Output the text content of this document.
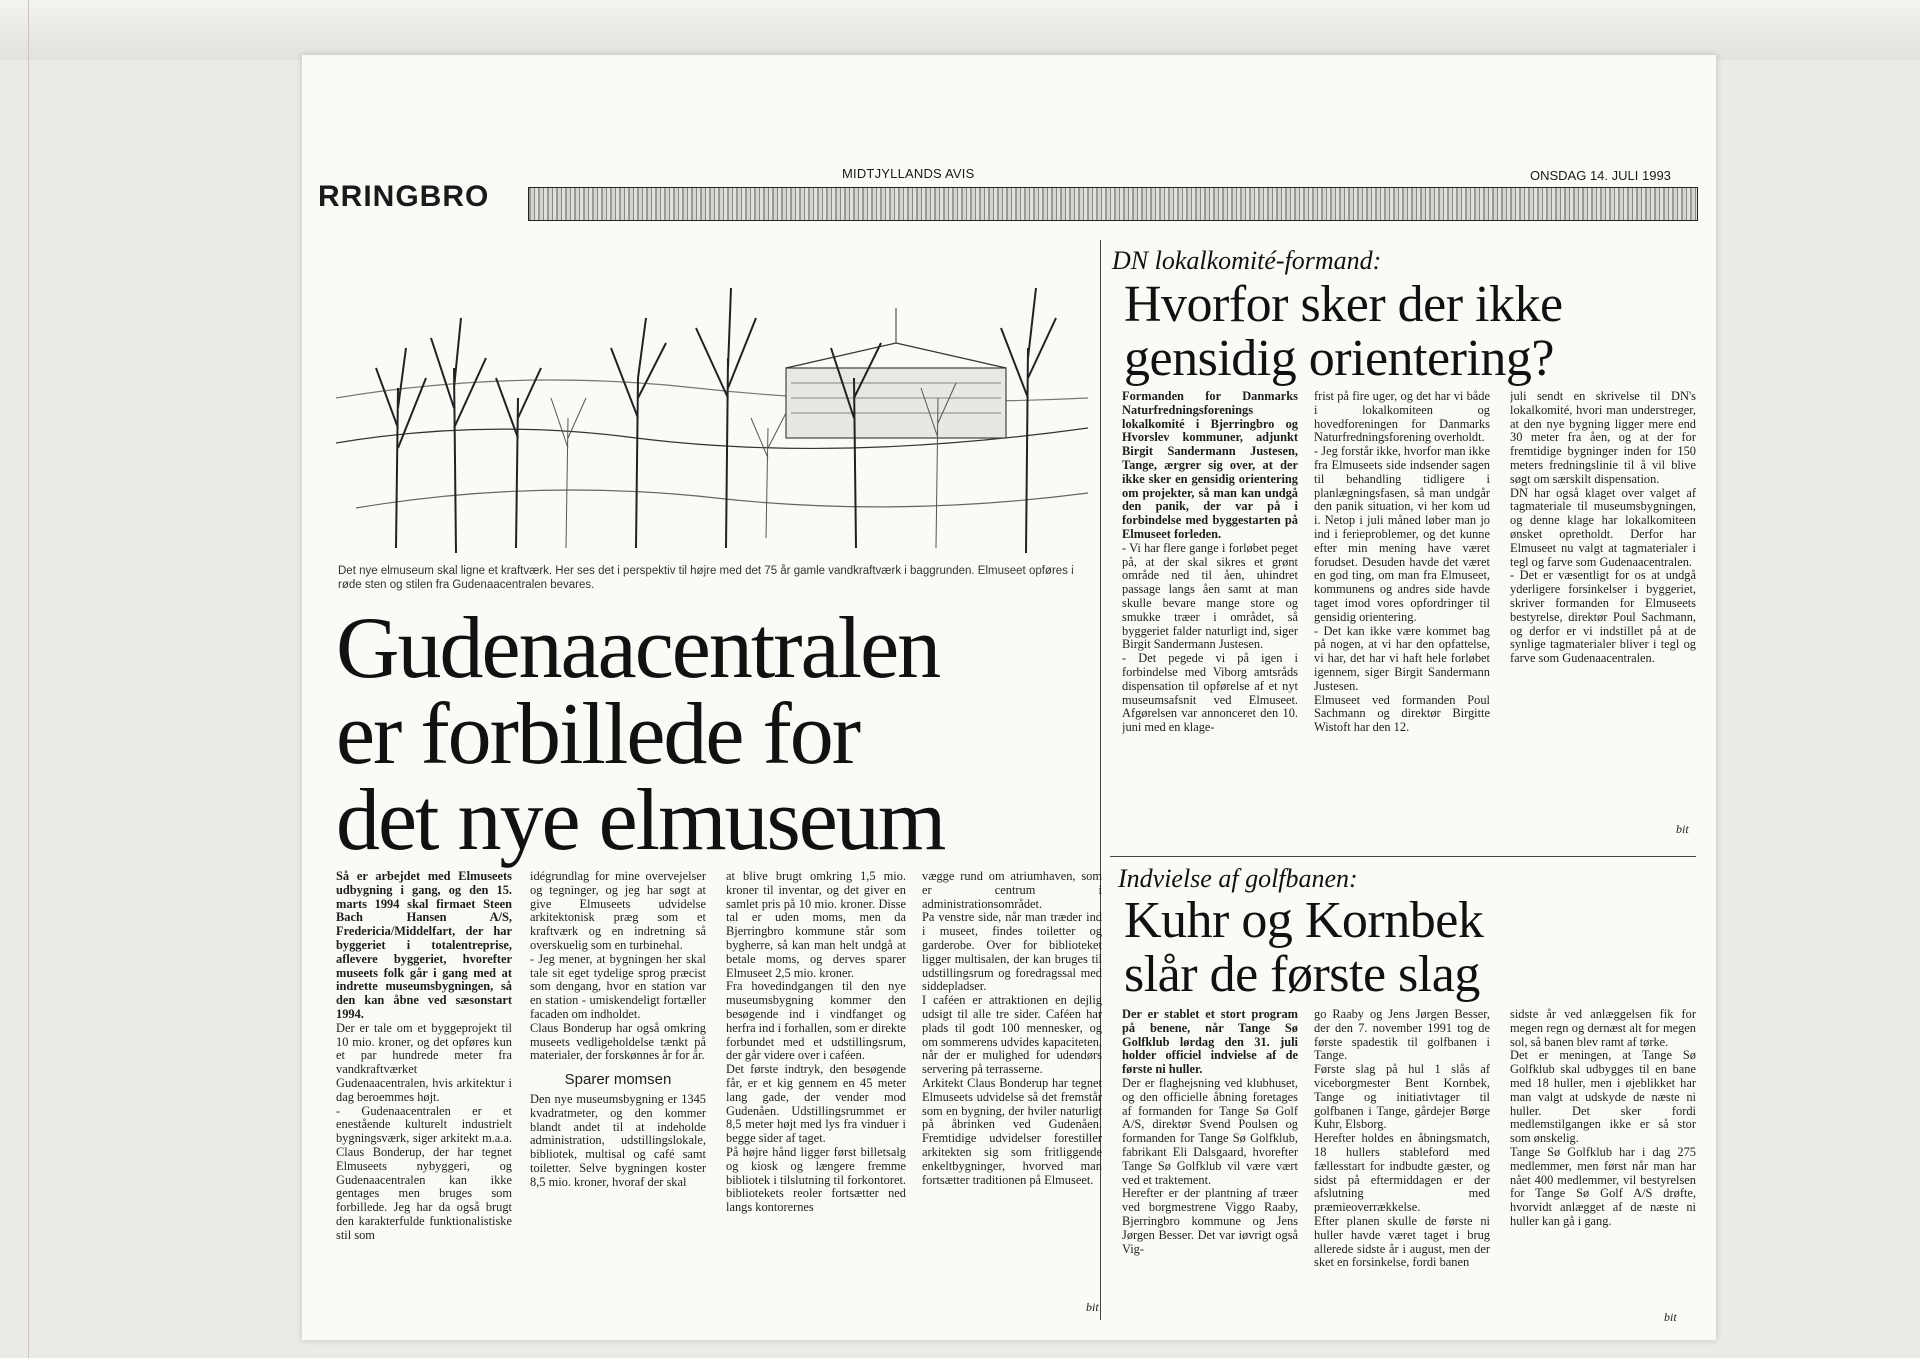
MIDTJYLLANDS AVIS	ONSDAG 14. JULI 1993
RRINGBRO
Det nye elmuseum skal ligne et kraftværk. Her ses det i perspektiv til højre med det 75 år gamle vandkraftværk i baggrunden. Elmuseet opføres i røde sten og stilen fra Gudenaacentralen bevares.
Gudenaacentralen
er forbillede for
det nye elmuseum

Så er arbejdet med Elmuseets udbygning i gang, og den 15. marts 1994 skal firmaet Steen Bach Hansen A/S, Fredericia/Middelfart, der har byggeriet i totalentreprise, aflevere byggeriet, hvorefter museets folk går i gang med at indrette museumsbygningen, så den kan åbne ved sæsonstart 1994.

Der er tale om et byggeprojekt til 10 mio. kroner, og det opføres kun et par hundrede meter fra vandkraftværket Gudenaacentralen, hvis arkitektur i dag beroemmes højt.

- Gudenaacentralen er et enestående kulturelt industrielt bygningsværk, siger arkitekt m.a.a. Claus Bonderup, der har tegnet Elmuseets nybyggeri, og Gudenaacentralen kan ikke gentages men bruges som forbillede. Jeg har da også brugt den karakterfulde funktionalistiske stil som

idégrundlag for mine overvejelser og tegninger, og jeg har søgt at give Elmuseets udvidelse arkitektonisk præg som et kraftværk og en indretning så overskuelig som en turbinehal.

- Jeg mener, at bygningen her skal tale sit eget tydelige sprog præcist som dengang, hvor en station var en station - umiskendeligt fortæller facaden om indholdet.

Claus Bonderup har også omkring museets vedligeholdelse tænkt på materialer, der forskønnes år for år.

Sparer momsen

Den nye museumsbygning er 1345 kvadratmeter, og den kommer blandt andet til at indeholde administration, udstillingslokale, bibliotek, multisal og café samt toiletter. Selve bygningen koster 8,5 mio. kroner, hvoraf der skal

at blive brugt omkring 1,5 mio. kroner til inventar, og det giver en samlet pris på 10 mio. kroner. Disse tal er uden moms, men da Bjerringbro kommune står som bygherre, så kan man helt undgå at betale moms, og derves sparer Elmuseet 2,5 mio. kroner.

Fra hovedindgangen til den nye museumsbygning kommer den besøgende ind i vindfanget og herfra ind i forhallen, som er direkte forbundet med et udstillingsrum, der går videre over i caféen.

Det første indtryk, den besøgende får, er et kig gennem en 45 meter lang gade, der vender mod Gudenåen. Udstillingsrummet er 8,5 meter højt med lys fra vinduer i begge sider af taget.

På højre hånd ligger først billetsalg og kiosk og længere fremme bibliotek i tilslutning til forkontoret. bibliotekets reoler fortsætter ned langs kontorernes

vægge rund om atriumhaven, som er centrum i administrationsområdet.

Pa venstre side, når man træder ind i museet, findes toiletter og garderobe. Over for biblioteket ligger multisalen, der kan bruges til udstillingsrum og foredragssal med siddepladser.

I caféen er attraktionen en dejlig udsigt til alle tre sider. Caféen har plads til godt 100 mennesker, og om sommerens udvides kapaciteten, når der er mulighed for udendørs servering på terrasserne.

Arkitekt Claus Bonderup har tegnet Elmuseets udvidelse så det fremstår som en bygning, der hviler naturligt på åbrinken ved Gudenåen. Fremtidige udvidelser forestiller arkitekten sig som fritliggende enkeltbygninger, hvorved man fortsætter traditionen på Elmuseet.

bit
DN lokalkomité-formand:
Hvorfor sker der ikke
gensidig orientering?

Formanden for Danmarks Naturfredningsforenings lokalkomité i Bjerringbro og Hvorslev kommuner, adjunkt Birgit Sandermann Justesen, Tange, ærgrer sig over, at der ikke sker en gensidig orientering om projekter, så man kan undgå den panik, der var på i forbindelse med byggestarten på Elmuseet forleden.

- Vi har flere gange i forløbet peget på, at der skal sikres et grønt område ned til åen, uhindret passage langs åen samt at man skulle bevare mange store og smukke træer i området, så byggeriet falder naturligt ind, siger Birgit Sandermann Justesen.

- Det pegede vi på igen i forbindelse med Viborg amtsråds dispensation til opførelse af et nyt museumsafsnit ved Elmuseet. Afgørelsen var annonceret den 10. juni med en klage-

frist på fire uger, og det har vi både i lokalkomiteen og hovedforeningen for Danmarks Naturfredningsforening overholdt.

- Jeg forstår ikke, hvorfor man ikke fra Elmuseets side indsender sagen til behandling tidligere i planlægningsfasen, så man undgår den panik situation, vi her kom ud i. Netop i juli måned løber man jo ind i ferieproblemer, og det kunne efter min mening have været forudset. Desuden havde det været en god ting, om man fra Elmuseet, kommunens og andres side havde taget imod vores opfordringer til gensidig orientering.

- Det kan ikke være kommet bag på nogen, at vi har den opfattelse, vi har, det har vi haft hele forløbet igennem, siger Birgit Sandermann Justesen.

Elmuseet ved formanden Poul Sachmann og direktør Birgitte Wistoft har den 12.

juli sendt en skrivelse til DN's lokalkomité, hvori man understreger, at den nye bygning ligger mere end 30 meter fra åen, og at der for fremtidige bygninger inden for 150 meters fredningslinie til å vil blive søgt om særskilt dispensation.

DN har også klaget over valget af tagmateriale til museumsbygningen, og denne klage har lokalkomiteen ønsket opretholdt. Derfor har Elmuseet nu valgt at tagmaterialer i tegl og farve som Gudenaacentralen.

- Det er væsentligt for os at undgå yderligere forsinkelser i byggeriet, skriver formanden for Elmuseets bestyrelse, direktør Poul Sachmann, og derfor er vi indstillet på at de synlige tagmaterialer bliver i tegl og farve som Gudenaacentralen.

bit
Indvielse af golfbanen:
Kuhr og Kornbek
slår de første slag

Der er stablet et stort program på benene, når Tange Sø Golfklub lørdag den 31. juli holder officiel indvielse af de første ni huller.

Der er flaghejsning ved klubhuset, og den officielle åbning foretages af formanden for Tange Sø Golf A/S, direktør Svend Poulsen og formanden for Tange Sø Golfklub, fabrikant Eli Dalsgaard, hvorefter Tange Sø Golfklub vil være vært ved et traktement.

Herefter er der plantning af træer ved borgmestrene Viggo Raaby, Bjerringbro kommune og Jens Jørgen Besser. Det var iøvrigt også Vig-

go Raaby og Jens Jørgen Besser, der den 7. november 1991 tog de første spadestik til golfbanen i Tange.

Første slag på hul 1 slås af viceborgmester Bent Kornbek, Tange og initiativtager til golfbanen i Tange, gårdejer Børge Kuhr, Elsborg.

Herefter holdes en åbningsmatch, 18 hullers stableford med fællesstart for indbudte gæster, og sidst på eftermiddagen er der afslutning med præmieoverrækkelse.

Efter planen skulle de første ni huller havde været taget i brug allerede sidste år i august, men der sket en forsinkelse, fordi banen

sidste år ved anlæggelsen fik for megen regn og dernæst alt for megen sol, så banen blev ramt af tørke.

Det er meningen, at Tange Sø Golfklub skal udbygges til en bane med 18 huller, men i øjeblikket har man valgt at udskyde de næste ni huller. Det sker fordi medlemstilgangen ikke er så stor som ønskelig.

Tange Sø Golfklub har i dag 275 medlemmer, men først når man har nået 400 medlemmer, vil bestyrelsen for Tange Sø Golf A/S drøfte, hvorvidt anlægget af de næste ni huller kan gå i gang.

bit
